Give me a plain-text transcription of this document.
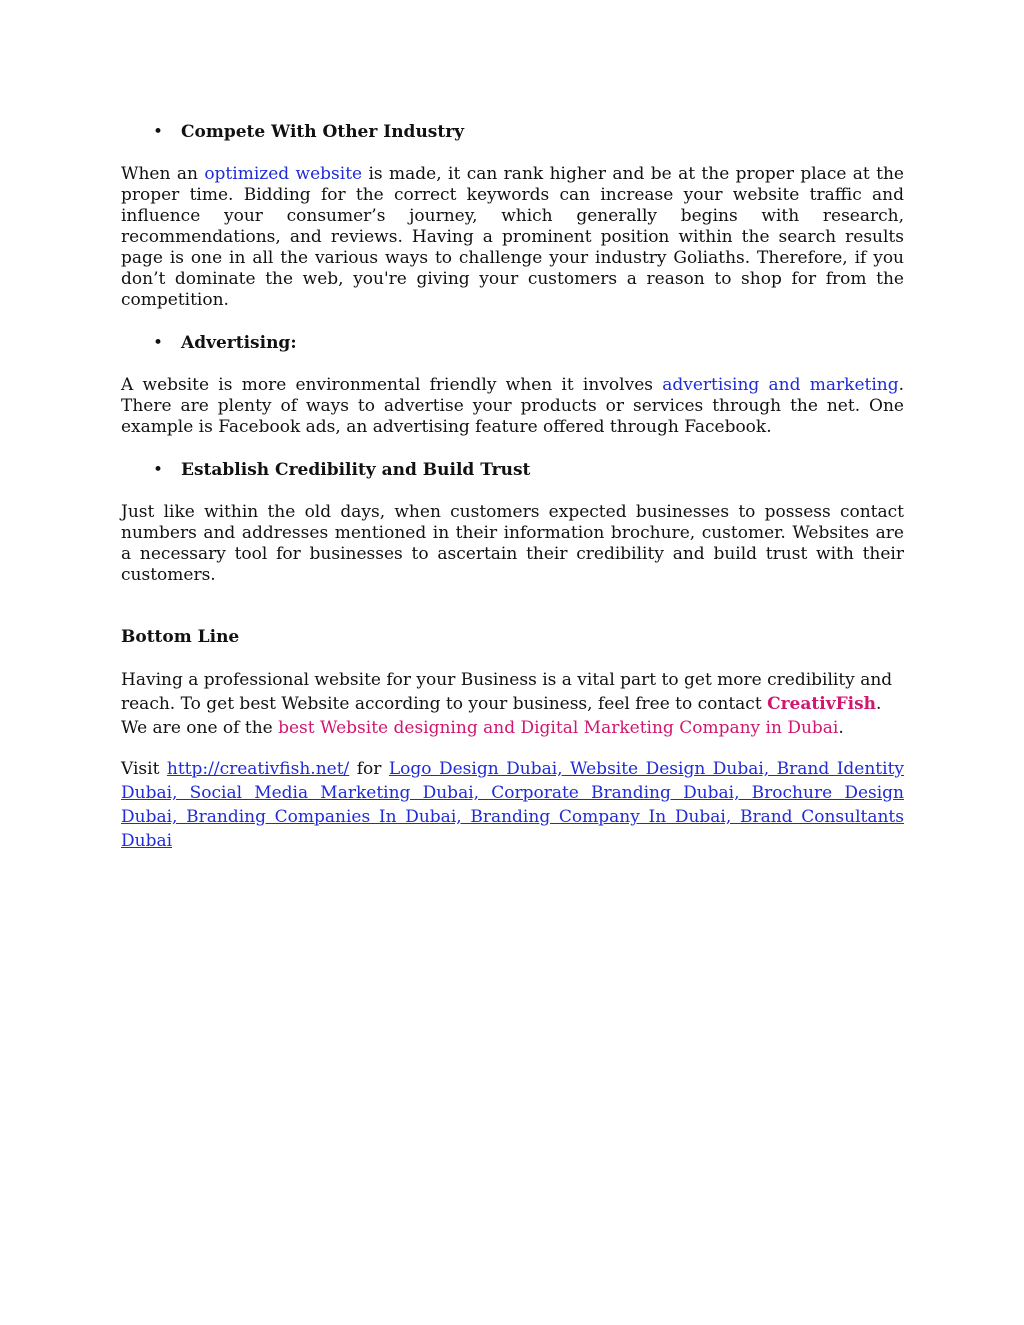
• Compete With Other Industry

When an optimized website is made, it can rank higher and be at the proper place at the proper time. Bidding for the correct keywords can increase your website traffic and influence your consumer’s journey, which generally begins with research, recommendations, and reviews. Having a prominent position within the search results page is one in all the various ways to challenge your industry Goliaths. Therefore, if you don’t dominate the web, you're giving your customers a reason to shop for from the competition.

• Advertising:

A website is more environmental friendly when it involves advertising and marketing. There are plenty of ways to advertise your products or services through the net. One example is Facebook ads, an advertising feature offered through Facebook.

• Establish Credibility and Build Trust

Just like within the old days, when customers expected businesses to possess contact numbers and addresses mentioned in their information brochure, customer. Websites are a necessary tool for businesses to ascertain their credibility and build trust with their customers.

Bottom Line

Having a professional website for your Business is a vital part to get more credibility and reach. To get best Website according to your business, feel free to contact CreativFish. We are one of the best Website designing and Digital Marketing Company in Dubai.

Visit http://creativfish.net/ for Logo Design Dubai, Website Design Dubai, Brand Identity Dubai, Social Media Marketing Dubai, Corporate Branding Dubai, Brochure Design Dubai, Branding Companies In Dubai, Branding Company In Dubai, Brand Consultants Dubai
